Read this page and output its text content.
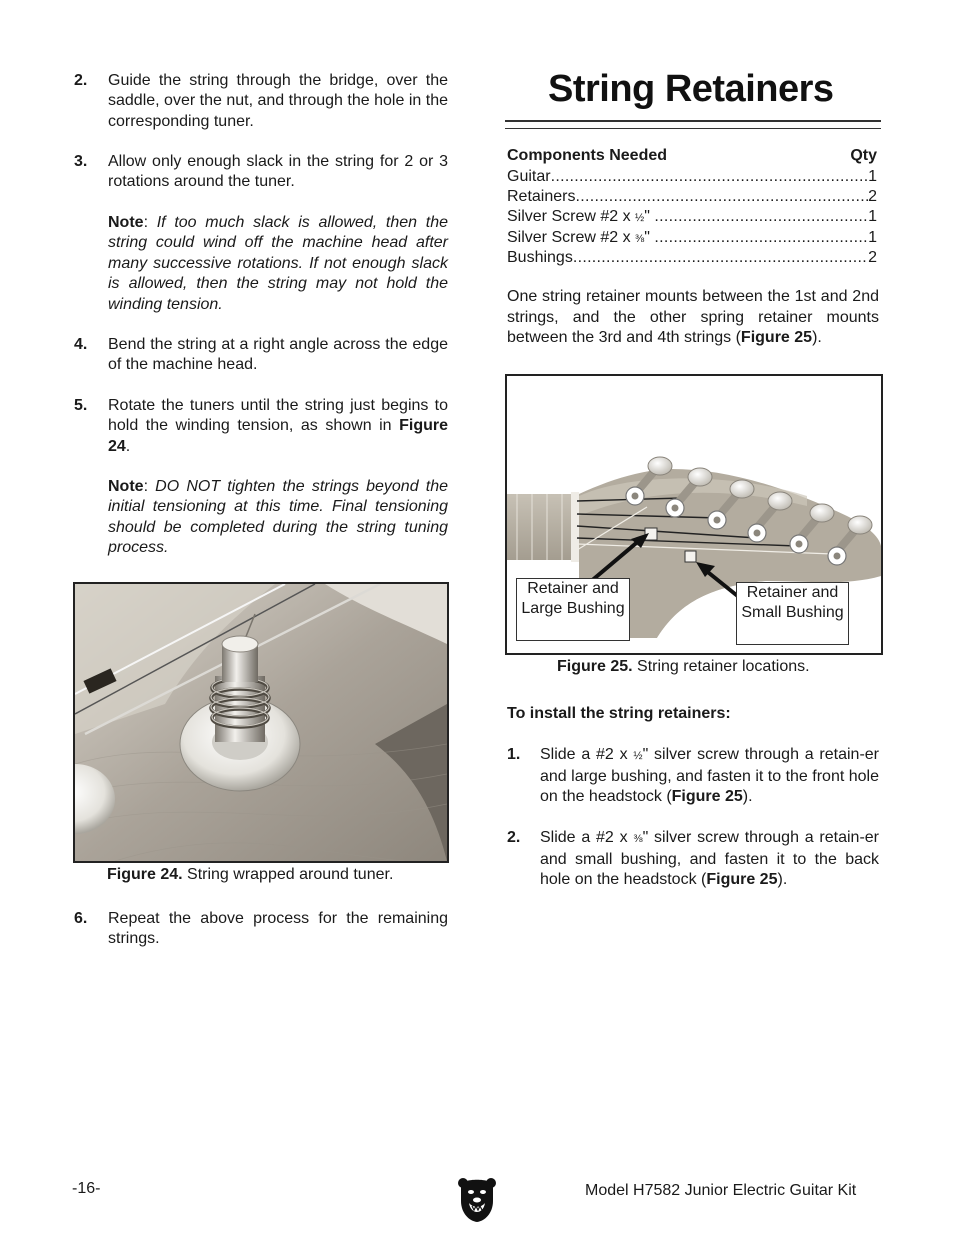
2. Guide the string through the bridge, over the saddle, over the nut, and through the hole in the corresponding tuner.
3. Allow only enough slack in the string for 2 or 3 rotations around the tuner.
Note: If too much slack is allowed, then the string could wind off the machine head after many successive rotations. If not enough slack is allowed, then the string may not hold the winding tension.
4. Bend the string at a right angle across the edge of the machine head.
5. Rotate the tuners until the string just begins to hold the winding tension, as shown in Figure 24.
Note: DO NOT tighten the strings beyond the initial tensioning at this time. Final tensioning should be completed during the string tuning process.
Figure 24. String wrapped around tuner.
6. Repeat the above process for the remaining strings.
String Retainers
Components Needed	Qty
Guitar .....	1
Retainers .....	2
Silver Screw #2 x ½ " .....	1
Silver Screw #2 x ⅜ " .....	1
Bushings .....	2
One string retainer mounts between the 1st and 2nd strings, and the other spring retainer mounts between the 3rd and 4th strings (Figure 25).
Retainer and Large Bushing
Retainer and Small Bushing
Figure 25. String retainer locations.
To install the string retainers:
1. Slide a #2 x ½" silver screw through a retain-er and large bushing, and fasten it to the front hole on the headstock (Figure 25).
2. Slide a #2 x ⅜" silver screw through a retain-er and small bushing, and fasten it to the back hole on the headstock (Figure 25).
-16-	Model H7582 Junior Electric Guitar Kit
